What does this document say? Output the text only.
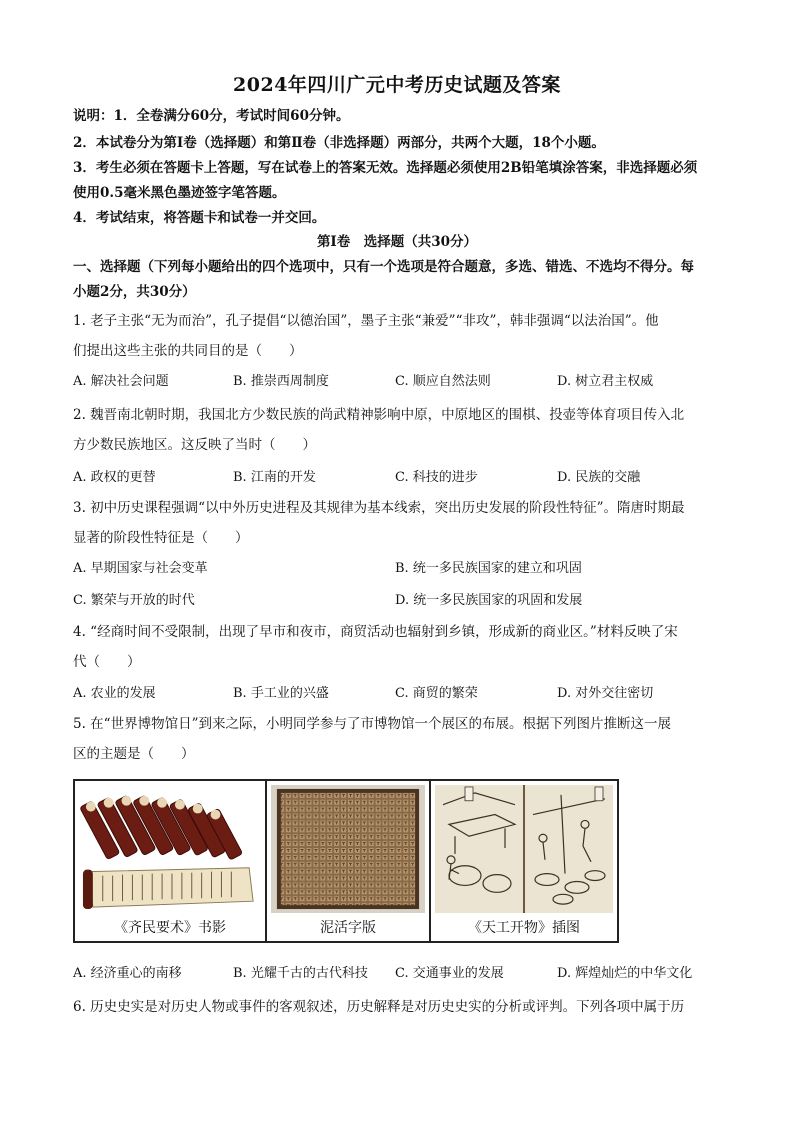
2024年四川广元中考历史试题及答案
说明：1．全卷满分60分，考试时间60分钟。
2．本试卷分为第Ⅰ卷（选择题）和第Ⅱ卷（非选择题）两部分，共两个大题，18个小题。
3．考生必须在答题卡上答题，写在试卷上的答案无效。选择题必须使用2B铅笔填涂答案，非选择题必须
使用0.5毫米黑色墨迹签字笔答题。
4．考试结束，将答题卡和试卷一并交回。
第Ⅰ卷　选择题（共30分）
一、选择题（下列每小题给出的四个选项中，只有一个选项是符合题意，多选、错选、不选均不得分。每
小题2分，共30分）
1. 老子主张“无为而治”，孔子提倡“以德治国”，墨子主张“兼爱”“非攻”，韩非强调“以法治国”。他
们提出这些主张的共同目的是（　　）
A. 解决社会问题	B. 推崇西周制度	C. 顺应自然法则	D. 树立君主权威
2. 魏晋南北朝时期，我国北方少数民族的尚武精神影响中原，中原地区的围棋、投壶等体育项目传入北
方少数民族地区。这反映了当时（　　）
A. 政权的更替	B. 江南的开发	C. 科技的进步	D. 民族的交融
3. 初中历史课程强调“以中外历史进程及其规律为基本线索，突出历史发展的阶段性特征”。隋唐时期最
显著的阶段性特征是（　　）
A. 早期国家与社会变革	B. 统一多民族国家的建立和巩固
C. 繁荣与开放的时代	D. 统一多民族国家的巩固和发展
4. “经商时间不受限制，出现了早市和夜市，商贸活动也辐射到乡镇，形成新的商业区。”材料反映了宋
代（　　）
A. 农业的发展	B. 手工业的兴盛	C. 商贸的繁荣	D. 对外交往密切
5. 在“世界博物馆日”到来之际，小明同学参与了市博物馆一个展区的布展。根据下列图片推断这一展
区的主题是（　　）
《齐民要术》书影	泥活字版	《天工开物》插图
A. 经济重心的南移	B. 光耀千古的古代科技 C. 交通事业的发展	D. 辉煌灿烂的中华文化
6. 历史史实是对历史人物或事件的客观叙述，历史解释是对历史史实的分析或评判。下列各项中属于历
